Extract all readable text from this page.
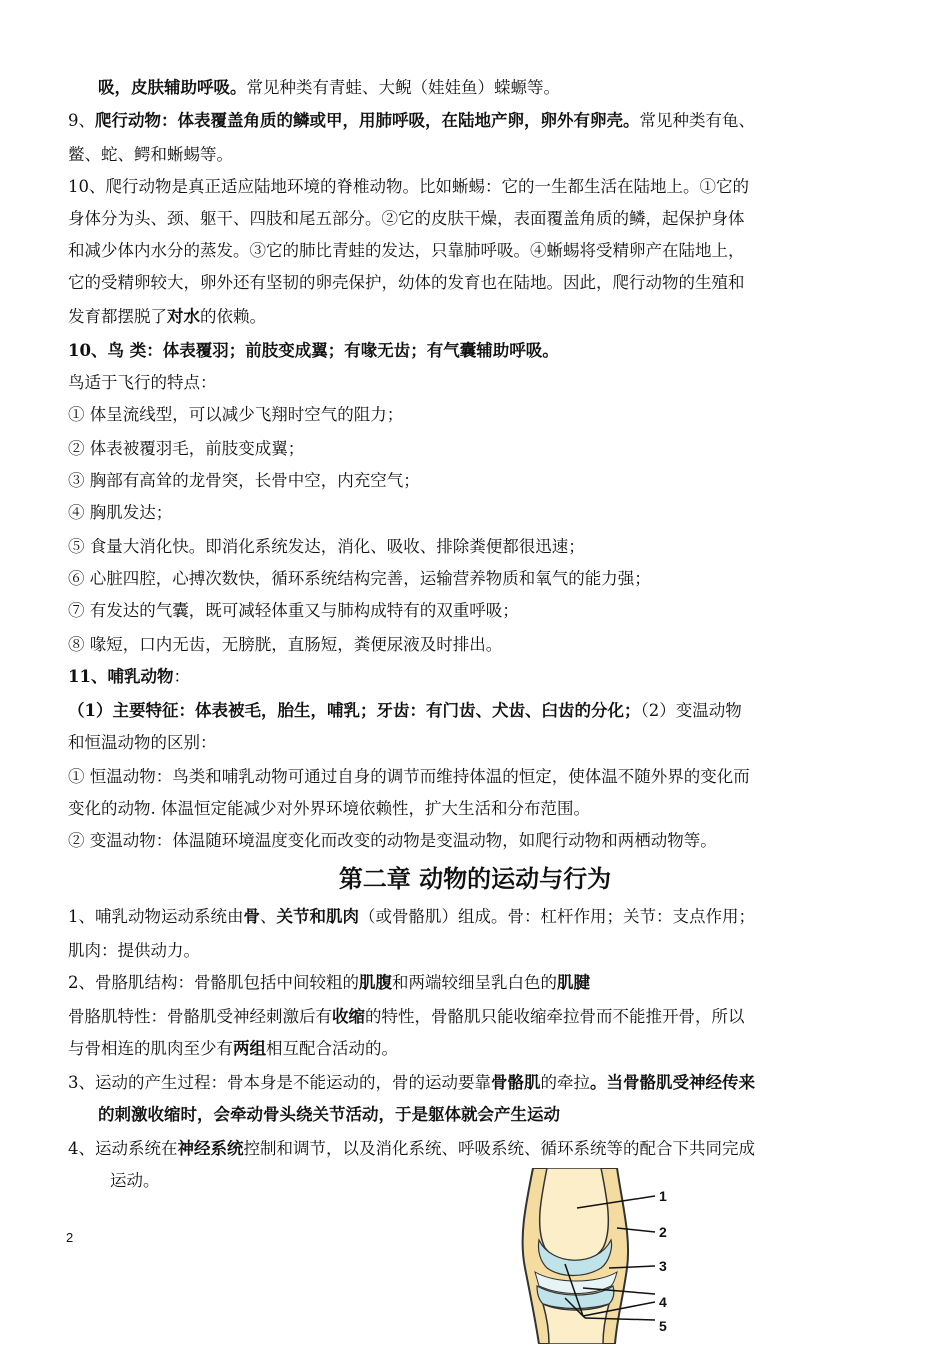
吸，皮肤辅助呼吸。常见种类有青蛙、大鲵（娃娃鱼）蝾螈等。
9、爬行动物：体表覆盖角质的鳞或甲，用肺呼吸，在陆地产卵，卵外有卵壳。常见种类有龟、
鳖、蛇、鳄和蜥蜴等。
10、爬行动物是真正适应陆地环境的脊椎动物。比如蜥蜴：它的一生都生活在陆地上。①它的
身体分为头、颈、躯干、四肢和尾五部分。②它的皮肤干燥，表面覆盖角质的鳞，起保护身体
和减少体内水分的蒸发。③它的肺比青蛙的发达，只靠肺呼吸。④蜥蜴将受精卵产在陆地上，
它的受精卵较大，卵外还有坚韧的卵壳保护，幼体的发育也在陆地。因此，爬行动物的生殖和
发育都摆脱了对水的依赖。
10、鸟 类：体表覆羽；前肢变成翼；有喙无齿；有气囊辅助呼吸。
鸟适于飞行的特点：
① 体呈流线型，可以减少飞翔时空气的阻力；
② 体表被覆羽毛，前肢变成翼；
③ 胸部有高耸的龙骨突，长骨中空，内充空气；
④ 胸肌发达；
⑤ 食量大消化快。即消化系统发达，消化、吸收、排除粪便都很迅速；
⑥ 心脏四腔，心搏次数快，循环系统结构完善，运输营养物质和氧气的能力强；
⑦ 有发达的气囊，既可减轻体重又与肺构成特有的双重呼吸；
⑧ 喙短，口内无齿，无膀胱，直肠短，粪便尿液及时排出。
11、哺乳动物：
（1）主要特征：体表被毛，胎生，哺乳；牙齿：有门齿、犬齿、臼齿的分化；（2）变温动物
和恒温动物的区别：
① 恒温动物：鸟类和哺乳动物可通过自身的调节而维持体温的恒定，使体温不随外界的变化而
变化的动物. 体温恒定能减少对外界环境依赖性，扩大生活和分布范围。
② 变温动物：体温随环境温度变化而改变的动物是变温动物，如爬行动物和两栖动物等。
1、哺乳动物运动系统由骨、关节和肌肉（或骨骼肌）组成。骨：杠杆作用；关节：支点作用；
肌肉：提供动力。
2、骨胳肌结构：骨骼肌包括中间较粗的肌腹和两端较细呈乳白色的肌腱
骨胳肌特性：骨骼肌受神经刺激后有收缩的特性，骨骼肌只能收缩牵拉骨而不能推开骨，所以
与骨相连的肌肉至少有两组相互配合活动的。
3、运动的产生过程：骨本身是不能运动的，骨的运动要靠骨骼肌的牵拉。当骨骼肌受神经传来
的刺激收缩时，会牵动骨头绕关节活动，于是躯体就会产生运动
4、运动系统在神经系统控制和调节，以及消化系统、呼吸系统、循环系统等的配合下共同完成
运动。
第二章 动物的运动与行为
2
1
2
3
4
5
